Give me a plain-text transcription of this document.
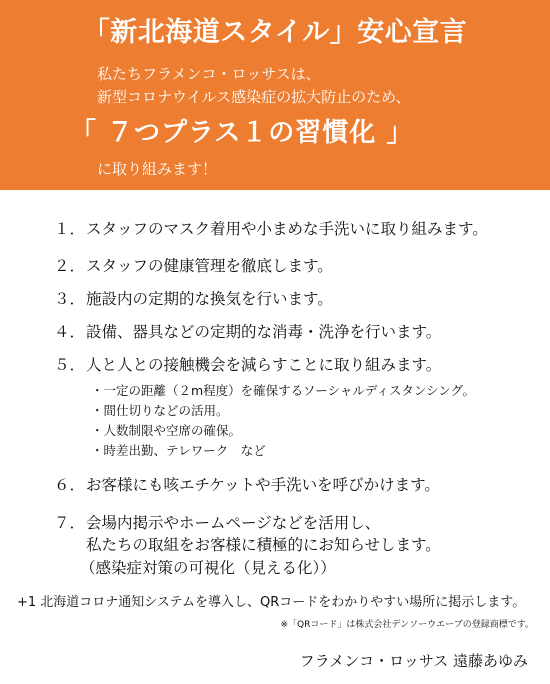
「新北海道スタイル」安心宣言
私たちフラメンコ・ロッサスは、
新型コロナウイルス感染症の拡大防止のため、
「 ７つプラス１の習慣化 」
に取り組みます！
１．スタッフのマスク着用や小まめな手洗いに取り組みます。
２．スタッフの健康管理を徹底します。
３．施設内の定期的な換気を行います。
４．設備、器具などの定期的な消毒・洗浄を行います。
５．人と人との接触機会を減らすことに取り組みます。
・一定の距離（２m程度）を確保するソーシャルディスタンシング。
・間仕切りなどの活用。
・人数制限や空席の確保。
・時差出勤、テレワーク　など
６．お客様にも咳エチケットや手洗いを呼びかけます。
７．会場内掲示やホームページなどを活用し、
私たちの取組をお客様に積極的にお知らせします。
（感染症対策の可視化（見える化））
+1 北海道コロナ通知システムを導入し、QRコードをわかりやすい場所に掲示します。
※「QRコード」は株式会社デンソーウエーブの登録商標です。
フラメンコ・ロッサス 遠藤あゆみ
